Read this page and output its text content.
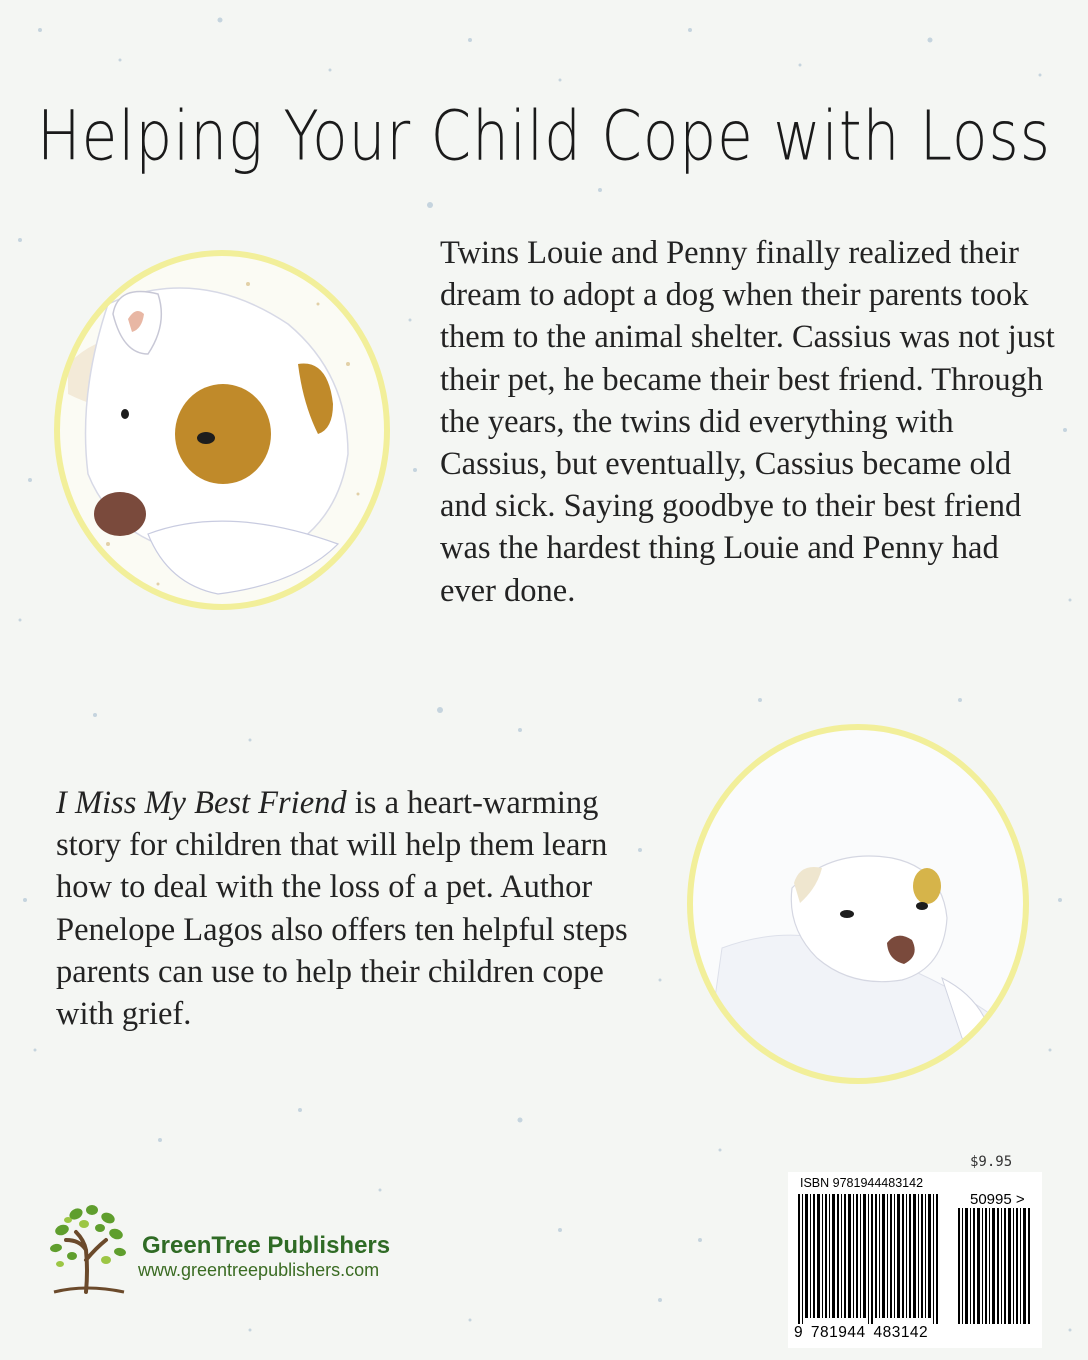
Helping Your Child Cope with Loss

Twins Louie and Penny finally realized their dream to adopt a dog when their parents took them to the animal shelter. Cassius was not just their pet, he became their best friend. Through the years, the twins did everything with Cassius, but eventually, Cassius became old and sick. Saying goodbye to their best friend was the hardest thing Louie and Penny had ever done.

I Miss My Best Friend is a heart-warming story for children that will help them learn how to deal with the loss of a pet. Author Penelope Lagos also offers ten helpful steps parents can use to help their children cope with grief.

$9.95
ISBN 9781944483142
50995 >
9 781944 483142
GreenTree Publishers
www.greentreepublishers.com
